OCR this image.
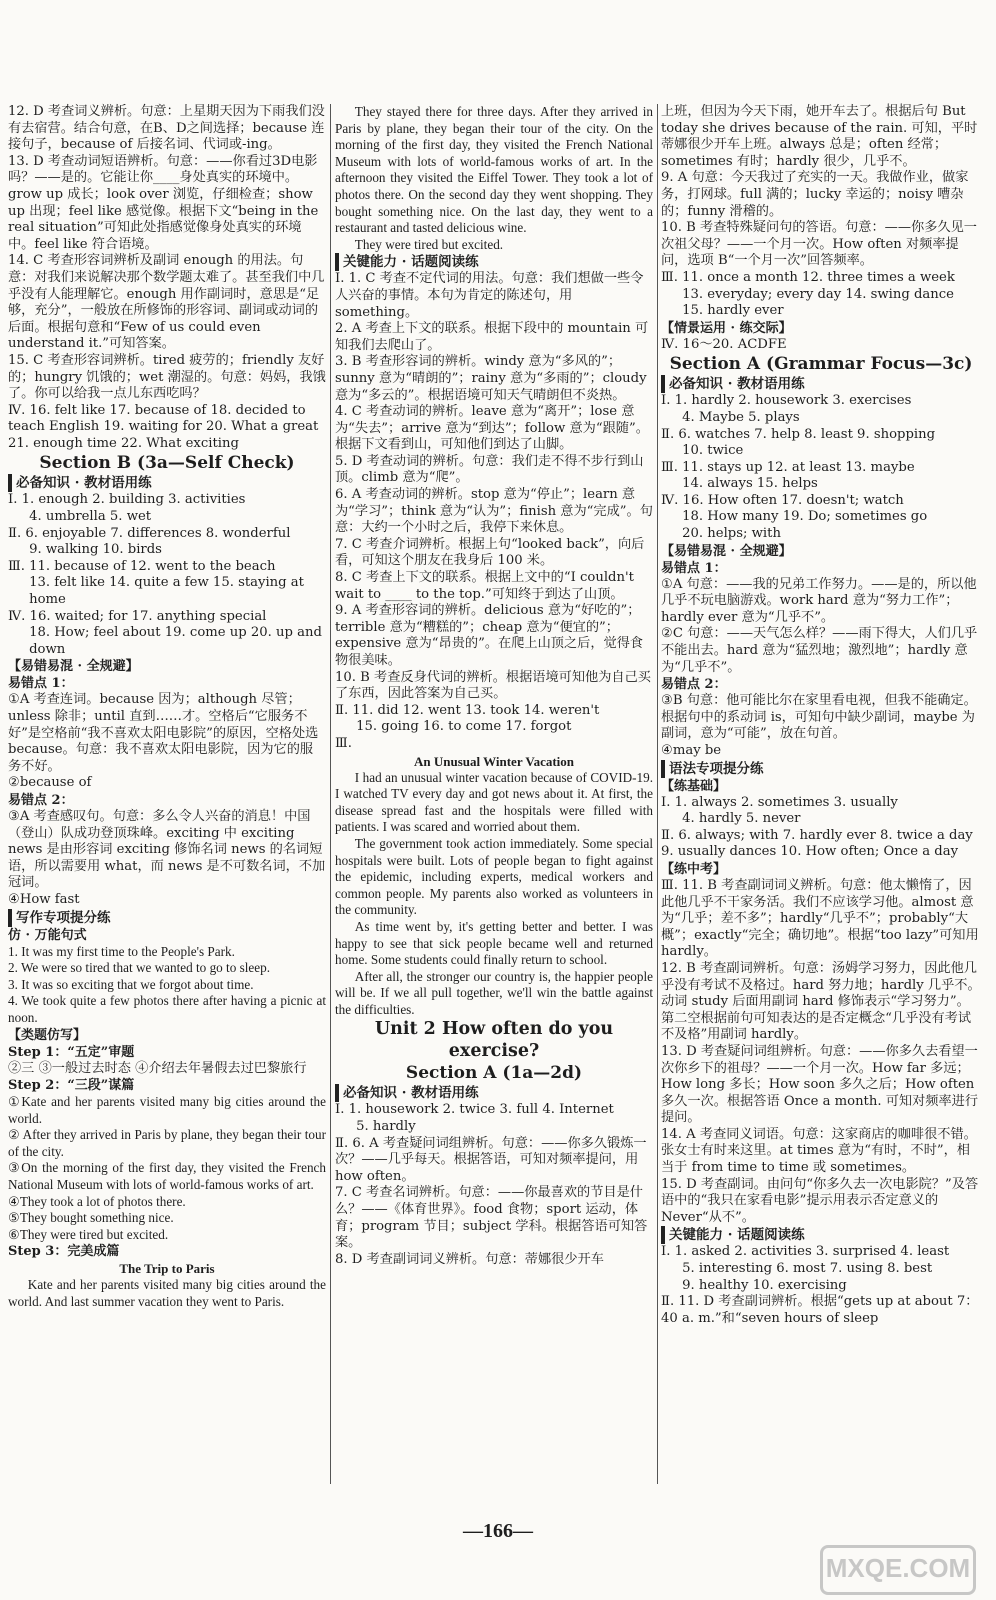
12. D 考查词义辨析。句意：上星期天因为下雨我们没有去宿营。结合句意，在B、D之间选择；because 连接句子，because of 后接名词、代词或-ing。
13. D 考查动词短语辨析。句意：——你看过3D电影吗？——是的。它能让你____身处真实的环境中。grow up 成长；look over 浏览，仔细检查；show up 出现；feel like 感觉像。根据下文“being in the real situation”可知此处指感觉像身处真实的环境中。feel like 符合语境。
14. C 考查形容词辨析及副词 enough 的用法。句意：对我们来说解决那个数学题太难了。甚至我们中几乎没有人能理解它。enough 用作副词时，意思是“足够，充分”，一般放在所修饰的形容词、副词或动词的后面。根据句意和“Few of us could even understand it.”可知答案。
15. C 考查形容词辨析。tired 疲劳的；friendly 友好的；hungry 饥饿的；wet 潮湿的。句意：妈妈，我饿了。你可以给我一点儿东西吃吗？
Ⅳ. 16. felt like 17. because of 18. decided to teach English 19. waiting for 20. What a great 21. enough time 22. What exciting
Section B (3a—Self Check)
必备知识 · 教材语用练
Ⅰ. 1. enough 2. building 3. activities
4. umbrella 5. wet
Ⅱ. 6. enjoyable 7. differences 8. wonderful
9. walking 10. birds
Ⅲ. 11. because of 12. went to the beach
13. felt like 14. quite a few 15. staying at home
Ⅳ. 16. waited; for 17. anything special
18. How; feel about 19. come up 20. up and down
【易错易混 · 全规避】
易错点 1：
①A 考查连词。because 因为；although 尽管；unless 除非；until 直到……才。空格后“它服务不好”是空格前“我不喜欢太阳电影院”的原因，空格处选 because。句意：我不喜欢太阳电影院，因为它的服务不好。
②because of
易错点 2：
③A 考查感叹句。句意：多么令人兴奋的消息！中国（登山）队成功登顶珠峰。exciting 中 exciting news 是由形容词 exciting 修饰名词 news 的名词短语，所以需要用 what，而 news 是不可数名词，不加冠词。
④How fast
写作专项提分练
仿 · 万能句式
1. It was my first time to the People's Park.
2. We were so tired that we wanted to go to sleep.
3. It was so exciting that we forgot about time.
4. We took quite a few photos there after having a picnic at noon.
【类题仿写】
Step 1：“五定”审题
②三 ③一般过去时态 ④介绍去年暑假去过巴黎旅行
Step 2：“三段”谋篇
①Kate and her parents visited many big cities around the world.
② After they arrived in Paris by plane, they began their tour of the city.
③On the morning of the first day, they visited the French National Museum with lots of world-famous works of art.
④They took a lot of photos there.
⑤They bought something nice.
⑥They were tired but excited.
Step 3：完美成篇
The Trip to Paris
Kate and her parents visited many big cities around the world. And last summer vacation they went to Paris.
They stayed there for three days. After they arrived in Paris by plane, they began their tour of the city. On the morning of the first day, they visited the French National Museum with lots of world-famous works of art. In the afternoon they visited the Eiffel Tower. They took a lot of photos there. On the second day they went shopping. They bought something nice. On the last day, they went to a restaurant and tasted delicious wine.
They were tired but excited.
关键能力 · 话题阅读练
Ⅰ. 1. C 考查不定代词的用法。句意：我们想做一些令人兴奋的事情。本句为肯定的陈述句，用 something。
2. A 考查上下文的联系。根据下段中的 mountain 可知我们去爬山了。
3. B 考查形容词的辨析。windy 意为“多风的”；sunny 意为“晴朗的”；rainy 意为“多雨的”；cloudy 意为“多云的”。根据语境可知天气晴朗但不炎热。
4. C 考查动词的辨析。leave 意为“离开”；lose 意为“失去”；arrive 意为“到达”；follow 意为“跟随”。根据下文看到山，可知他们到达了山脚。
5. D 考查动词的辨析。句意：我们走不得不步行到山顶。climb 意为“爬”。
6. A 考查动词的辨析。stop 意为“停止”；learn 意为“学习”；think 意为“认为”；finish 意为“完成”。句意：大约一个小时之后，我停下来休息。
7. C 考查介词辨析。根据上句“looked back”，向后看，可知这个朋友在我身后 100 米。
8. C 考查上下文的联系。根据上文中的“I couldn't wait to ____ to the top.”可知终于到达了山顶。
9. A 考查形容词的辨析。delicious 意为“好吃的”；terrible 意为“糟糕的”；cheap 意为“便宜的”；expensive 意为“昂贵的”。在爬上山顶之后，觉得食物很美味。
10. B 考查反身代词的辨析。根据语境可知他为自己买了东西，因此答案为自己买。
Ⅱ. 11. did 12. went 13. took 14. weren't
15. going 16. to come 17. forgot
Ⅲ.
An Unusual Winter Vacation
I had an unusual winter vacation because of COVID-19. I watched TV every day and got news about it. At first, the disease spread fast and the hospitals were filled with patients. I was scared and worried about them.
The government took action immediately. Some special hospitals were built. Lots of people began to fight against the epidemic, including experts, medical workers and common people. My parents also worked as volunteers in the community.
As time went by, it's getting better and better. I was happy to see that sick people became well and returned home. Some students could finally return to school.
After all, the stronger our country is, the happier people will be. If we all pull together, we'll win the battle against the difficulties.
Unit 2 How often do you exercise?
Section A (1a—2d)
必备知识 · 教材语用练
Ⅰ. 1. housework 2. twice 3. full 4. Internet
5. hardly
Ⅱ. 6. A 考查疑问词组辨析。句意：——你多久锻炼一次？——几乎每天。根据答语，可知对频率提问，用 how often。
7. C 考查名词辨析。句意：——你最喜欢的节目是什么？——《体育世界》。food 食物；sport 运动，体育；program 节目；subject 学科。根据答语可知答案。
8. D 考查副词词义辨析。句意：蒂娜很少开车
上班，但因为今天下雨，她开车去了。根据后句 But today she drives because of the rain. 可知，平时蒂娜很少开车上班。always 总是；often 经常；sometimes 有时；hardly 很少，几乎不。
9. A 句意：今天我过了充实的一天。我做作业，做家务，打网球。full 满的；lucky 幸运的；noisy 嘈杂的；funny 滑稽的。
10. B 考查特殊疑问句的答语。句意：——你多久见一次祖父母？——一个月一次。How often 对频率提问，选项 B“一个月一次”回答频率。
Ⅲ. 11. once a month 12. three times a week
13. everyday; every day 14. swing dance
15. hardly ever
【情景运用 · 练交际】
Ⅳ. 16～20. ACDFE
Section A (Grammar Focus—3c)
必备知识 · 教材语用练
Ⅰ. 1. hardly 2. housework 3. exercises
4. Maybe 5. plays
Ⅱ. 6. watches 7. help 8. least 9. shopping
10. twice
Ⅲ. 11. stays up 12. at least 13. maybe
14. always 15. helps
Ⅳ. 16. How often 17. doesn't; watch
18. How many 19. Do; sometimes go
20. helps; with
【易错易混 · 全规避】
易错点 1：
①A 句意：——我的兄弟工作努力。——是的，所以他几乎不玩电脑游戏。work hard 意为“努力工作”；hardly ever 意为“几乎不”。
②C 句意：——天气怎么样？——雨下得大，人们几乎不能出去。hard 意为“猛烈地；激烈地”；hardly 意为“几乎不”。
易错点 2：
③B 句意：他可能比尔在家里看电视，但我不能确定。根据句中的系动词 is，可知句中缺少副词，maybe 为副词，意为“可能”，放在句首。
④may be
语法专项提分练
【练基础】
Ⅰ. 1. always 2. sometimes 3. usually
4. hardly 5. never
Ⅱ. 6. always; with 7. hardly ever 8. twice a day 9. usually dances 10. How often; Once a day
【练中考】
Ⅲ. 11. B 考查副词词义辨析。句意：他太懒惰了，因此他几乎不干家务活。我们不应该学习他。almost 意为“几乎；差不多”；hardly“几乎不”；probably“大概”；exactly“完全；确切地”。根据“too lazy”可知用 hardly。
12. B 考查副词辨析。句意：汤姆学习努力，因此他几乎没有考试不及格过。hard 努力地；hardly 几乎不。动词 study 后面用副词 hard 修饰表示“学习努力”。第二空根据前句可知表达的是否定概念“几乎没有考试不及格”用副词 hardly。
13. D 考查疑问词组辨析。句意：——你多久去看望一次你乡下的祖母？——一个月一次。How far 多远；How long 多长；How soon 多久之后；How often 多久一次。根据答语 Once a month. 可知对频率进行提问。
14. A 考查同义词语。句意：这家商店的咖啡很不错。张女士有时来这里。at times 意为“有时，不时”，相当于 from time to time 或 sometimes。
15. D 考查副词。由问句“你多久去一次电影院？”及答语中的“我只在家看电影”提示用表示否定意义的 Never“从不”。
关键能力 · 话题阅读练
Ⅰ. 1. asked 2. activities 3. surprised 4. least
5. interesting 6. most 7. using 8. best
9. healthy 10. exercising
Ⅱ. 11. D 考查副词辨析。根据“gets up at about 7：40 a. m.”和“seven hours of sleep
—166—
MXQE.COM
